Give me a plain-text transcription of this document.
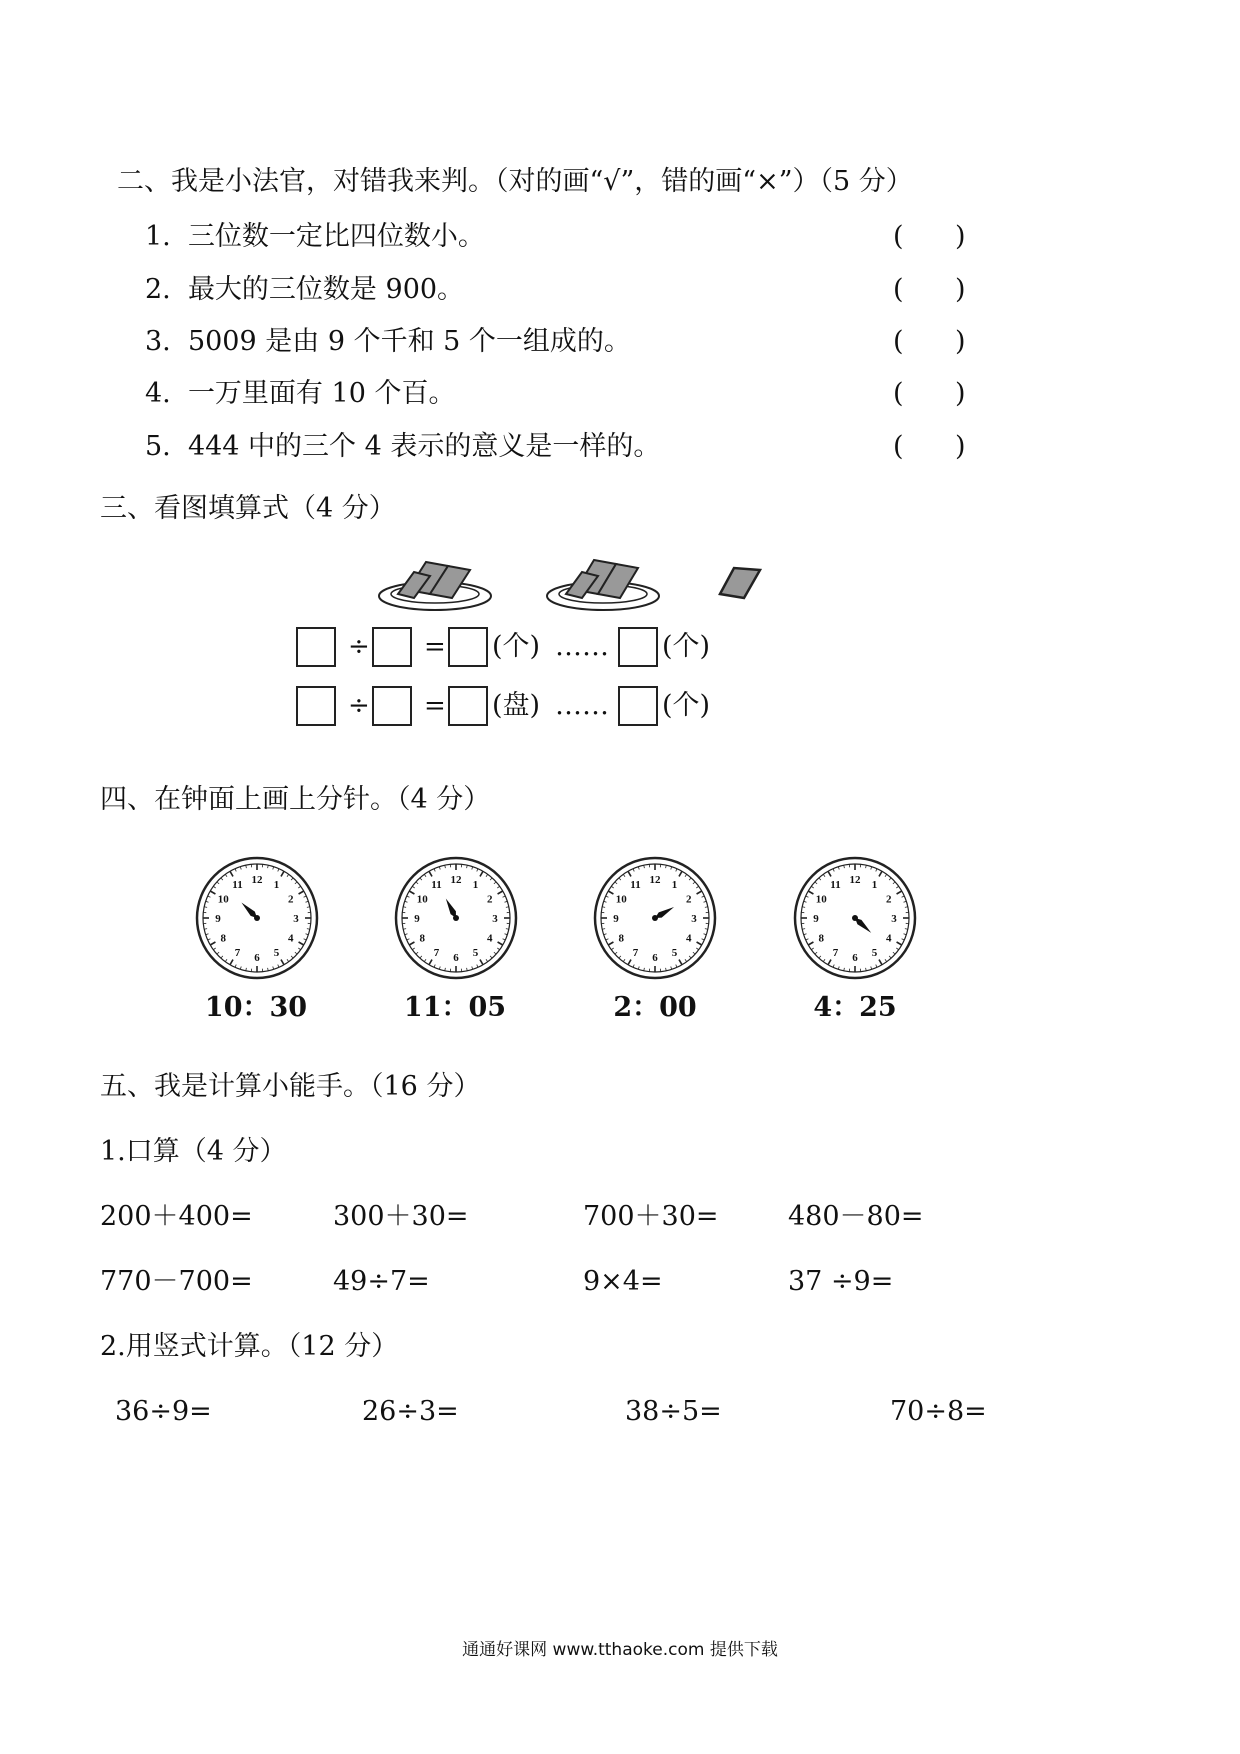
二、我是小法官，对错我来判。（对的画“√”，错的画“×”）（5 分）
1. 三位数一定比四位数小。	(      )
2. 最大的三位数是 900。	(      )
3. 5009 是由 9 个千和 5 个一组成的。	(      )
4. 一万里面有 10 个百。	(      )
5. 444 中的三个 4 表示的意义是一样的。	(      )
三、看图填算式（4 分）
÷ = (个) …… (个)
÷ = (盘) …… (个)
四、在钟面上画上分针。（4 分）
1
2
3
4
5
6
7
8
9
10
11 12	1
2
3
4
5
6
7
8
9
10
11 12	1
2
3
4
5
6
7
8
9
10
11 12	1
2
3
4
5
6
7
8
9
10
11 12
10：30	11：05	2：00	4：25
五、我是计算小能手。（16 分）
1.口算（4 分）
200＋400=	300＋30=	700＋30=	480－80=
770－700=	49÷7=	9×4=	37 ÷9=
2.用竖式计算。（12 分）
36÷9=	26÷3=	38÷5=	70÷8=
通通好课网 www.tthaoke.com 提供下载
